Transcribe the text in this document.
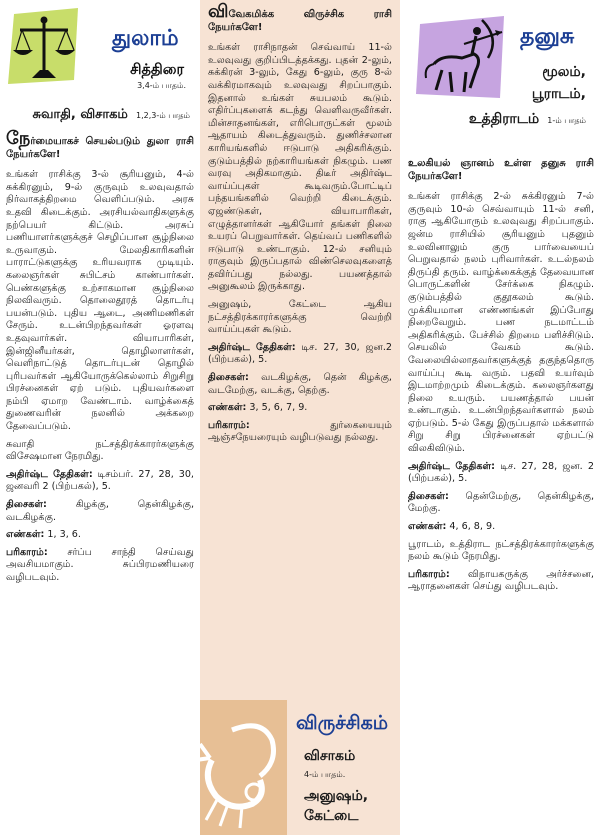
துலாம்
சித்திரை
3,4-ம் பாதம்.
சுவாதி, விசாகம் 1,2,3-ம் பாதம்

நேர்மையாகச் செயல்படும் துலா ராசி நேயர்களே!

உங்கள் ராசிக்கு 3-ல் சூரியனும், 4-ல் சுக்கிரனும், 9-ல் குருவும் உலவுவதால் நிர்வாகத்திறமை வெளிப்படும். அரசு உதவி கிடைக்கும். அரசியல்வாதிகளுக்கு நற்பெயர் கிட்டும். அரசுப் பணியாளர்களுக்குச் செழிப்பான சூழ்நிலை உருவாகும். மேலதிகாரிகளின் பாராட்டுகளுக்கு உரியவராக முடியும். கலைஞர்கள் சுபிட்சம் காண்பார்கள். பெண்களுக்கு உற்சாகமான சூழ்நிலை நிலவிவரும். தொலைதூரத் தொடர்பு பயன்படும். புதிய ஆடை, அணிமணிகள் சேரும். உடன்பிறந்தவர்கள் ஓரளவு உதவுவார்கள். வியாபாரிகள், இன்ஜினீயர்கள், தொழிலாளர்கள், வெளிநாட்டுத் தொடர்புடன் தொழில் புரிபவர்கள் ஆகியோருக்கெல்லாம் சிறுசிறு பிரச்னைகள் ஏற் படும். புதியவர்களை நம்பி ஏமாற வேண்டாம். வாழ்க்கைத் துணைவரின் நலனில் அக்கறை தேவைப்படும்.

சுவாதி நட்சத்திரக்காரர்களுக்கு விசேஷமான நேரமிது.

அதிர்ஷ்ட தேதிகள்: டிசம்பர். 27, 28, 30, ஜனவரி 2 (பிற்பகல்), 5.

திசைகள்:	கிழக்கு, தென்கிழக்கு, வடகிழக்கு.

எண்கள்: 1, 3, 6.

பரிகாரம்: சர்ப்ப சாந்தி செய்வது அவசியமாகும். சுப்பிரமணியரை வழிபடவும்.

விவேகமிக்க விருச்சிக ராசி நேயர்களே!

உங்கள் ராசிநாதன் செவ்வாய் 11-ல் உலவுவது குறிப்பிடத்தக்கது. புதன் 2-லும், சுக்கிரன் 3-லும், கேது 6-லும், குரு 8-ல் வக்கிரமாகவும் உலவுவது சிறப்பாகும். இதனால் உங்கள் சுயபலம் கூடும். எதிர்ப்புகளைக் கடந்து வெளிவருவீர்கள். மின்சாதனங்கள், எரிபொருட்கள் மூலம் ஆதாயம் கிடைத்துவரும். துணிச்சலான காரியங்களில் ஈடுபாடு அதிகரிக்கும். குடும்பத்தில் நற்காரியங்கள் நிகழும். பண வரவு அதிகமாகும். திடீர் அதிர்ஷ்ட வாய்ப்புகள் கூடிவரும்.போட்டிப் பந்தயங்களில் வெற்றி கிடைக்கும். ஏஜண்டுகள், வியாபாரிகள், எழுத்தாளர்கள் ஆகியோர் தங்கள் நிலை உயரப் பெறுவார்கள். தெய்வப் பணிகளில் ஈடுபாடு உண்டாகும். 12-ல் சனியும் ராகுவும் இருப்பதால் விண்செலவுகளைத் தவிர்ப்பது நல்லது. பயணத்தால் அனுகூலம் இருக்காது.

அனுஷம், கேட்டை ஆகிய நட்சத்திரக்காரர்களுக்கு வெற்றி வாய்ப்புகள் கூடும்.

அதிர்ஷ்ட தேதிகள்: டிச. 27, 30, ஜன.2 (பிற்பகல்), 5.

திசைகள்: வடகிழக்கு, தென் கிழக்கு, வடமேற்கு, வடக்கு, தெற்கு.

எண்கள்: 3, 5, 6, 7, 9.

பரிகாரம்:	துர்கையையும் ஆஞ்சநேயரையும் வழிபடுவது நல்லது.

விருச்சிகம்
விசாகம்
4-ம் பாதம்.
அனுஷம்,
கேட்டை
தனுசு
மூலம்,
பூராடம்,
உத்திராடம் 1-ம் பாதம்

உலகியல் ஞானம் உள்ள தனுசு ராசி நேயர்களே!

உங்கள் ராசிக்கு 2-ல் சுக்கிரனும் 7-ல் குருவும் 10-ல் செவ்வாயும் 11-ல் சனி, ராகு ஆகியோரும் உலவுவது சிறப்பாகும். ஜன்ம ராசியில் சூரியனும் புதனும் உலவினாலும் குரு பார்வையைப் பெறுவதால் நலம் புரிவார்கள். உடல்நலம் திருப்தி தரும். வாழ்க்கைக்குத் தேவையான பொருட்களின் சேர்க்கை நிகழும். குடும்பத்தில் குதூகலம் கூடும். முக்கியமான எண்ணங்கள் இப்போது நிறைவேறும். பண நடமாட்டம் அதிகரிக்கும். பேச்சில் திறமை பளிச்சிடும். செயலில் வேகம் கூடும். வேலையில்லாதவர்களுக்குத் தகுந்ததொரு வாய்ப்பு கூடி வரும். பதவி உயர்வும் இடமாற்றமும் கிடைக்கும். கலைஞர்களது நிலை உயரும். பயணத்தால் பயன் உண்டாகும். உடன்பிறந்தவர்களால் நலம் ஏற்படும். 5-ல் கேது இருப்பதால் மக்களால் சிறு சிறு பிரச்னைகள் ஏற்பட்டு விலகிவிடும்.

அதிர்ஷ்ட தேதிகள்: டிச. 27, 28, ஜன. 2 (பிற்பகல்), 5.

திசைகள்: தென்மேற்கு, தென்கிழக்கு, மேற்கு.

எண்கள்: 4, 6, 8, 9.

பூராடம், உத்திராட நட்சத்திரக்காரர்களுக்கு நலம் கூடும் நேரமிது.

பரிகாரம்: விநாயகருக்கு அர்ச்சனை, ஆராதனைகள் செய்து வழிபடவும்.
